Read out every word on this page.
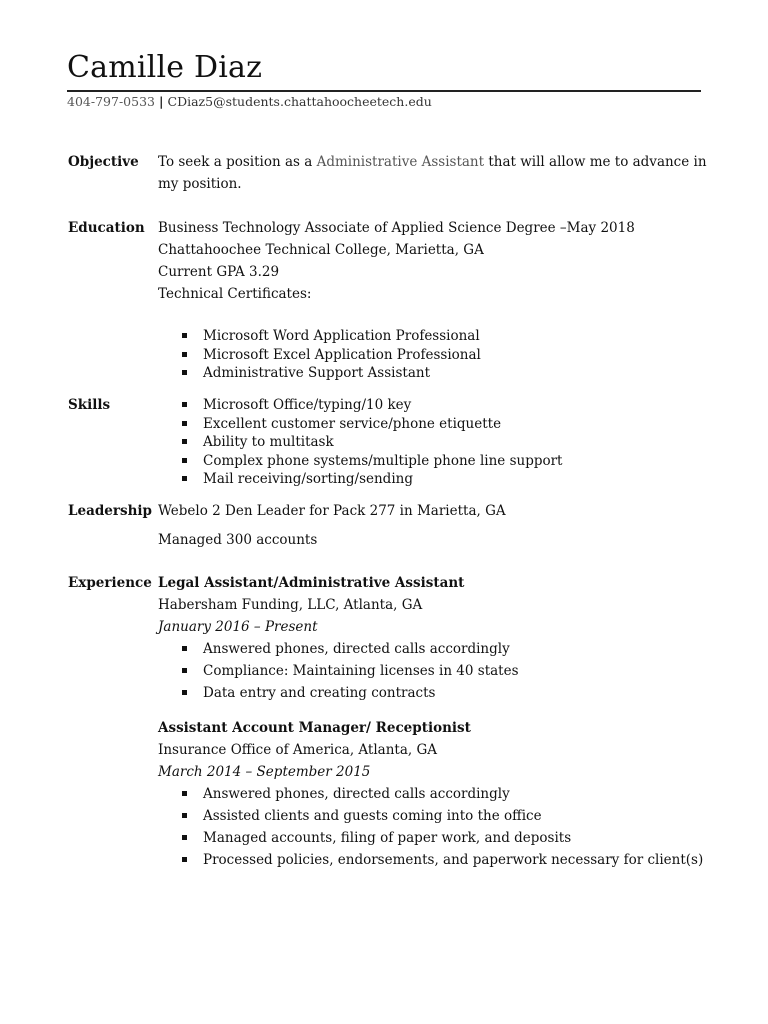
Camille Diaz
404-797-0533 | CDiaz5@students.chattahoocheetech.edu
Objective To seek a position as a Administrative Assistant that will allow me to advance in
my position.
Education Business Technology Associate of Applied Science Degree –May 2018
Chattahoochee Technical College, Marietta, GA
Current GPA 3.29
Technical Certificates:
Microsoft Word Application Professional
Microsoft Excel Application Professional
Administrative Support Assistant
Skills	Microsoft Office/typing/10 key
Excellent customer service/phone etiquette
Ability to multitask
Complex phone systems/multiple phone line support
Mail receiving/sorting/sending
Leadership Webelo 2 Den Leader for Pack 277 in Marietta, GA
Managed 300 accounts
Experience Legal Assistant/Administrative Assistant
Habersham Funding, LLC, Atlanta, GA
January 2016 – Present
Answered phones, directed calls accordingly
Compliance: Maintaining licenses in 40 states
Data entry and creating contracts
Assistant Account Manager/ Receptionist
Insurance Office of America, Atlanta, GA
March 2014 – September 2015
Answered phones, directed calls accordingly
Assisted clients and guests coming into the office
Managed accounts, filing of paper work, and deposits
Processed policies, endorsements, and paperwork necessary for client(s)
